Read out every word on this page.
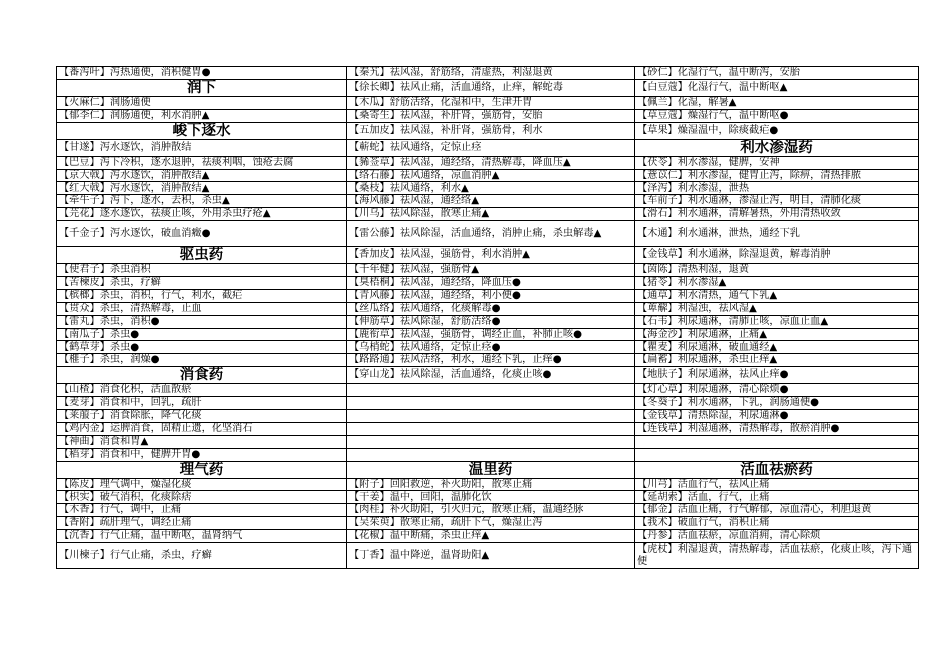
【番泻叶】泻热通便，消积健胃●	【秦艽】祛风湿，舒筋络，清虚热，利湿退黄	【砂仁】化湿行气，温中断泻，安胎
润下	【徐长卿】祛风止痛，活血通络，止痒，解蛇毒	【白豆蔻】化湿行气，温中断呕▲
【火麻仁】润肠通便	【木瓜】舒筋活络，化湿和中，生津开胃	【佩兰】化湿，解暑▲
【郁李仁】润肠通便，利水消肿▲	【桑寄生】祛风湿，补肝肾，强筋骨，安胎	【草豆蔻】燥湿行气，温中断呕●
峻下逐水	【五加皮】祛风湿，补肝肾，强筋骨，利水	【草果】燥湿温中，除痰截疟●
【甘遂】泻水逐饮，消肿散结	【蕲蛇】祛风通络，定惊止痉	利水渗湿药
【巴豆】泻下冷积，逐水退肿，祛痰利咽，蚀疮去腐	【豨莶草】祛风湿，通经络，清热解毒，降血压▲	【茯苓】利水渗湿，健脾，安神
【京大戟】泻水逐饮，消肿散结▲	【络石藤】祛风通络，凉血消肿▲	【薏苡仁】利水渗湿，健胃止泻，除痹，清热排脓
【红大戟】泻水逐饮，消肿散结▲	【桑枝】祛风通络，利水▲	【泽泻】利水渗湿，泄热
【牵牛子】泻下，逐水，去积，杀虫▲	【海风藤】祛风湿，通经络▲	【车前子】利水通淋，渗湿止泻，明目，清肺化痰
【芫花】逐水逐饮，祛痰止咳，外用杀虫疗疮▲	【川乌】祛风除湿，散寒止痛▲	【滑石】利水通淋，清解暑热，外用清热收敛
【千金子】泻水逐饮，破血消癥●	【雷公藤】祛风除湿，活血通络，消肿止痛，杀虫解毒▲	【木通】利水通淋，泄热，通经下乳
驱虫药	【香加皮】祛风湿，强筋骨，利水消肿▲	【金钱草】利水通淋，除湿退黄，解毒消肿
【使君子】杀虫消积	【千年健】祛风湿，强筋骨▲	【茵陈】清热利湿，退黄
【苦楝皮】杀虫，疗癣	【臭梧桐】祛风湿，通经络，降血压●	【猪苓】利水渗湿▲
【槟榔】杀虫，消积，行气，利水，截疟	【青风藤】祛风湿，通经络，利小便●	【通草】利水清热，通气下乳▲
【贯众】杀虫，清热解毒，止血	【丝瓜络】祛风通络，化痰解毒●	【萆薢】利湿浊，祛风湿▲
【雷丸】杀虫，消积●	【伸筋草】祛风除湿，舒筋活络●	【石韦】利尿通淋，清肺止咳，凉血止血▲
【南瓜子】杀虫●	【鹿衔草】祛风湿，强筋骨，调经止血，补肺止咳●	【海金沙】利尿通淋，止痛▲
【鹤草芽】杀虫●	【乌梢蛇】祛风通络，定惊止痉●	【瞿麦】利尿通淋，破血通经▲
【榧子】杀虫，润燥●	【路路通】祛风活络，利水，通经下乳，止痒●	【扁蓄】利尿通淋，杀虫止痒▲
消食药	【穿山龙】祛风除湿，活血通络，化痰止咳●	【地肤子】利尿通淋，祛风止痒●
【山楂】消食化积，活血散瘀		【灯心草】利尿通淋，清心除烦●
【麦芽】消食和中，回乳，疏肝		【冬葵子】利水通淋，下乳，润肠通便●
【莱菔子】消食除胀，降气化痰		【金钱草】清热除湿，利尿通淋●
【鸡内金】运脾消食，固精止遗，化坚消石		【连钱草】利湿通淋，清热解毒，散瘀消肿●
【神曲】消食和胃▲		
【稻芽】消食和中，健脾开胃●		
理气药	温里药	活血祛瘀药
【陈皮】理气调中，燥湿化痰	【附子】回阳救逆，补火助阳，散寒止痛	【川芎】活血行气，祛风止痛
【枳实】破气消积，化痰除痞	【干姜】温中，回阳，温肺化饮	【延胡索】活血，行气，止痛
【木香】行气，调中，止痛	【肉桂】补火助阳，引火归元，散寒止痛，温通经脉	【郁金】活血止痛，行气解郁，凉血清心，利胆退黄
【香附】疏肝理气，调经止痛	【吴茱萸】散寒止痛，疏肝下气，燥湿止泻	【莪术】破血行气，消积止痛
【沉香】行气止痛，温中断呕，温肾纳气	【花椒】温中断痛，杀虫止痒▲	【丹参】活血祛瘀，凉血消痈，清心除烦
【川楝子】行气止痛，杀虫，疗癣	【丁香】温中降逆，温肾助阳▲	【虎杖】利湿退黄，清热解毒，活血祛瘀，化痰止咳，泻下通便
